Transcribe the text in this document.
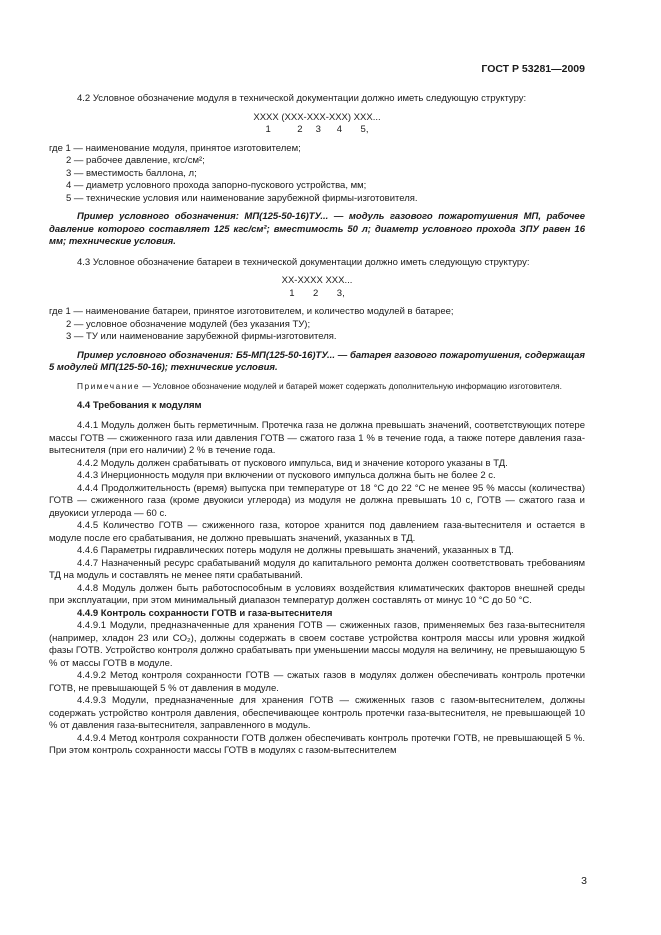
ГОСТ Р 53281—2009

4.2 Условное обозначение модуля в технической документации должно иметь следующую структуру:

ХХХХ (ХХХ-ХХХ-ХХХ) ХХХ...

1          2     3      4       5,

где 1 — наименование модуля, принятое изготовителем;

2 — рабочее давление, кгс/см²;

3 — вместимость баллона, л;

4 — диаметр условного прохода запорно-пускового устройства, мм;

5 — технические условия или наименование зарубежной фирмы-изготовителя.

Пример условного обозначения: МП(125-50-16)ТУ... — модуль газового пожаротушения МП, рабочее давление которого составляет 125 кгс/см²; вместимость 50 л; диаметр условного прохода ЗПУ равен 16 мм; технические условия.

4.3 Условное обозначение батареи в технической документации должно иметь следующую структуру:

ХХ-ХХХХ ХХХ...

1       2       3,

где 1 — наименование батареи, принятое изготовителем, и количество модулей в батарее;

2 — условное обозначение модулей (без указания ТУ);

3 — ТУ или наименование зарубежной фирмы-изготовителя.

Пример условного обозначения: Б5-МП(125-50-16)ТУ... — батарея газового пожаротушения, содержащая 5 модулей МП(125-50-16); технические условия.

Примечание — Условное обозначение модулей и батарей может содержать дополнительную информацию изготовителя.

4.4 Требования к модулям

4.4.1 Модуль должен быть герметичным. Протечка газа не должна превышать значений, соответствующих потере массы ГОТВ — сжиженного газа или давления ГОТВ — сжатого газа 1 % в течение года, а также потере давления газа-вытеснителя (при его наличии) 2 % в течение года.

4.4.2 Модуль должен срабатывать от пускового импульса, вид и значение которого указаны в ТД.

4.4.3 Инерционность модуля при включении от пускового импульса должна быть не более 2 с.

4.4.4 Продолжительность (время) выпуска при температуре от 18 °С до 22 °С не менее 95 % массы (количества) ГОТВ — сжиженного газа (кроме двуокиси углерода) из модуля не должна превышать 10 с, ГОТВ — сжатого газа и двуокиси углерода — 60 с.

4.4.5 Количество ГОТВ — сжиженного газа, которое хранится под давлением газа-вытеснителя и остается в модуле после его срабатывания, не должно превышать значений, указанных в ТД.

4.4.6 Параметры гидравлических потерь модуля не должны превышать значений, указанных в ТД.

4.4.7 Назначенный ресурс срабатываний модуля до капитального ремонта должен соответствовать требованиям ТД на модуль и составлять не менее пяти срабатываний.

4.4.8 Модуль должен быть работоспособным в условиях воздействия климатических факторов внешней среды при эксплуатации, при этом минимальный диапазон температур должен составлять от минус 10 °С до 50 °С.

4.4.9 Контроль сохранности ГОТВ и газа-вытеснителя

4.4.9.1 Модули, предназначенные для хранения ГОТВ — сжиженных газов, применяемых без газа-вытеснителя (например, хладон 23 или CO₂), должны содержать в своем составе устройства контроля массы или уровня жидкой фазы ГОТВ. Устройство контроля должно срабатывать при уменьшении массы модуля на величину, не превышающую 5 % от массы ГОТВ в модуле.

4.4.9.2 Метод контроля сохранности ГОТВ — сжатых газов в модулях должен обеспечивать контроль протечки ГОТВ, не превышающей 5 % от давления в модуле.

4.4.9.3 Модули, предназначенные для хранения ГОТВ — сжиженных газов с газом-вытеснителем, должны содержать устройство контроля давления, обеспечивающее контроль протечки газа-вытеснителя, не превышающей 10 % от давления газа-вытеснителя, заправленного в модуль.

4.4.9.4 Метод контроля сохранности ГОТВ должен обеспечивать контроль протечки ГОТВ, не превышающей 5 %. При этом контроль сохранности массы ГОТВ в модулях с газом-вытеснителем

3
